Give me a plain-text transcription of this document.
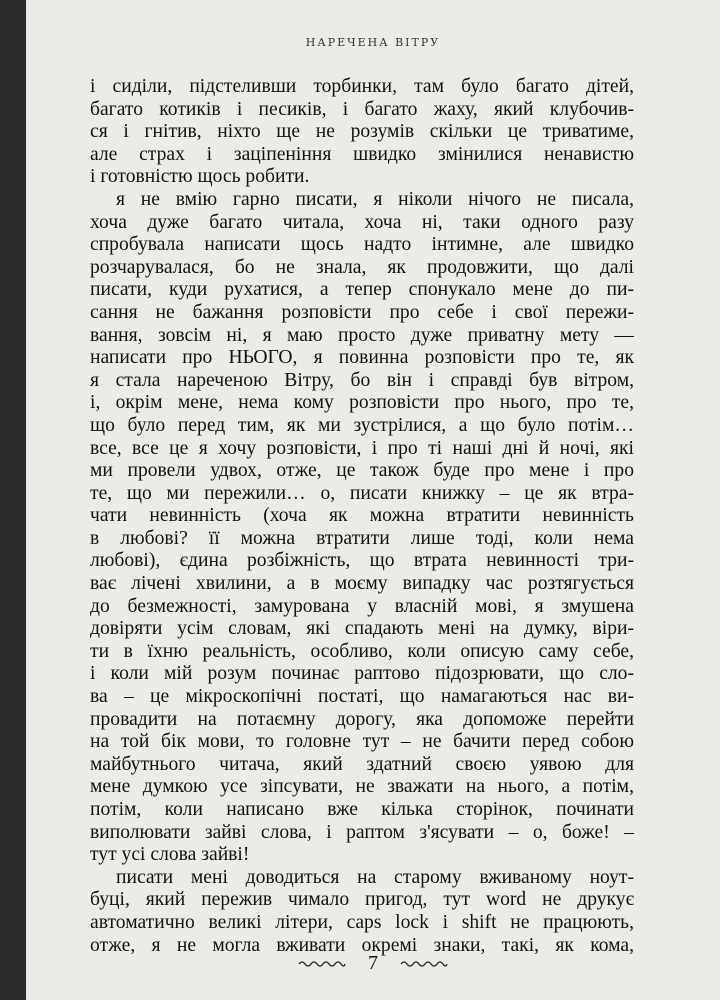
НАРЕЧЕНА ВІТРУ
і сиділи, підстеливши торбинки, там було багато дітей,
багато котиків і песиків, і багато жаху, який клубочив-
ся і гнітив, ніхто ще не розумів скільки це триватиме,
але страх і заціпеніння швидко змінилися ненавистю
і готовністю щось робити.
я не вмію гарно писати, я ніколи нічого не писала,
хоча дуже багато читала, хоча ні, таки одного разу
спробувала написати щось надто інтимне, але швидко
розчарувалася, бо не знала, як продовжити, що далі
писати, куди рухатися, а тепер спонукало мене до пи-
сання не бажання розповісти про себе і свої пережи-
вання, зовсім ні, я маю просто дуже приватну мету —
написати про НЬОГО, я повинна розповісти про те, як
я стала нареченою Вітру, бо він і справді був вітром,
і, окрім мене, нема кому розповісти про нього, про те,
що було перед тим, як ми зустрілися, а що було потім…
все, все це я хочу розповісти, і про ті наші дні й ночі, які
ми провели удвох, отже, це також буде про мене і про
те, що ми пережили… о, писати книжку – це як втра-
чати невинність (хоча як можна втратити невинність
в любові? її можна втратити лише тоді, коли нема
любові), єдина розбіжність, що втрата невинності три-
ває лічені хвилини, а в моєму випадку час розтягується
до безмежності, замурована у власній мові, я змушена
довіряти усім словам, які спадають мені на думку, віри-
ти в їхню реальність, особливо, коли описую саму себе,
і коли мій розум починає раптово підозрювати, що сло-
ва – це мікроскопічні постаті, що намагаються нас ви-
провадити на потаємну дорогу, яка допоможе перейти
на той бік мови, то головне тут – не бачити перед собою
майбутнього читача, який здатний своєю уявою для
мене думкою усе зіпсувати, не зважати на нього, а потім,
потім, коли написано вже кілька сторінок, починати
виполювати зайві слова, і раптом з'ясувати – о, боже! –
тут усі слова зайві!
писати мені доводиться на старому вживаному ноут-
буці, який пережив чимало пригод, тут word не друкує
автоматично великі літери, caps lock і shift не працюють,
отже, я не могла вживати окремі знаки, такі, як кома,
7
